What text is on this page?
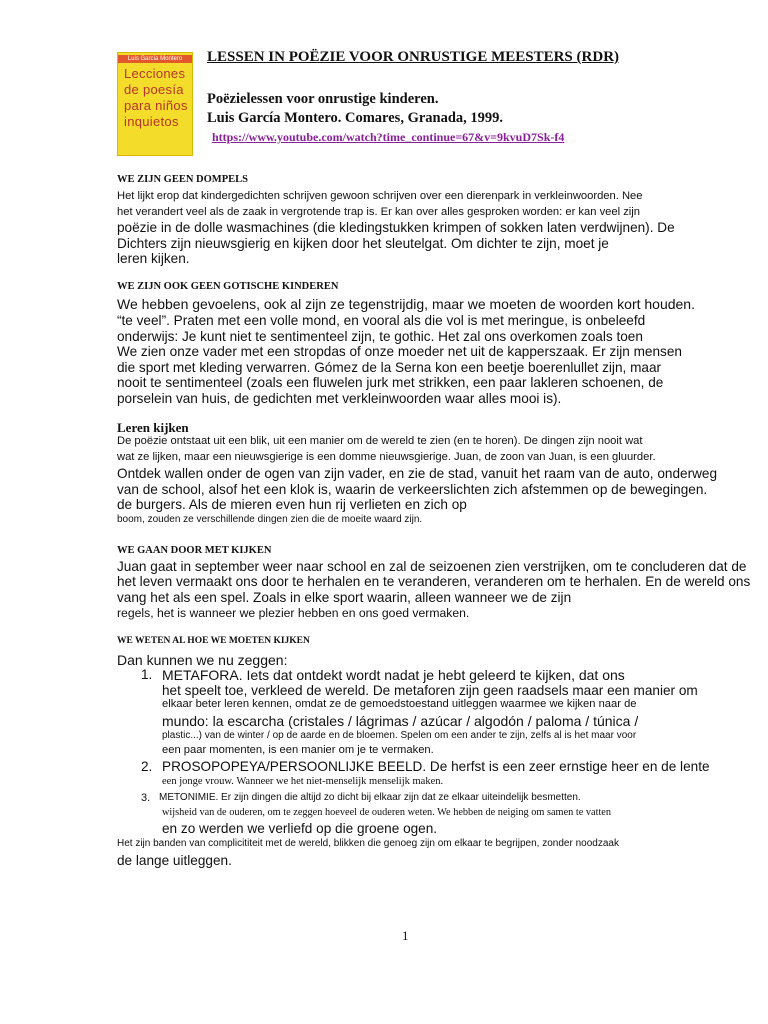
Luis García Montero
Lecciones
de poesía
para niños
inquietos
LESSEN IN POËZIE VOOR ONRUSTIGE MEESTERS (RDR)
Poëzielessen voor onrustige kinderen.
Luis García Montero. Comares, Granada, 1999.
https://www.youtube.com/watch?time_continue=67&v=9kvuD7Sk-f4
WE ZIJN GEEN DOMPELS
Het lijkt erop dat kindergedichten schrijven gewoon schrijven over een dierenpark in verkleinwoorden. Nee
het verandert veel als de zaak in vergrotende trap is. Er kan over alles gesproken worden: er kan veel zijn
poëzie in de dolle wasmachines (die kledingstukken krimpen of sokken laten verdwijnen). De
Dichters zijn nieuwsgierig en kijken door het sleutelgat. Om dichter te zijn, moet je
leren kijken.
WE ZIJN OOK GEEN GOTISCHE KINDEREN
We hebben gevoelens, ook al zijn ze tegenstrijdig, maar we moeten de woorden kort houden.
“te veel”. Praten met een volle mond, en vooral als die vol is met meringue, is onbeleefd
onderwijs: Je kunt niet te sentimenteel zijn, te gothic. Het zal ons overkomen zoals toen
We zien onze vader met een stropdas of onze moeder net uit de kapperszaak. Er zijn mensen
die sport met kleding verwarren. Gómez de la Serna kon een beetje boerenlullet zijn, maar
nooit te sentimenteel (zoals een fluwelen jurk met strikken, een paar lakleren schoenen, de
porselein van huis, de gedichten met verkleinwoorden waar alles mooi is).
Leren kijken
De poëzie ontstaat uit een blik, uit een manier om de wereld te zien (en te horen). De dingen zijn nooit wat
wat ze lijken, maar een nieuwsgierige is een domme nieuwsgierige. Juan, de zoon van Juan, is een gluurder.
Ontdek wallen onder de ogen van zijn vader, en zie de stad, vanuit het raam van de auto, onderweg
van de school, alsof het een klok is, waarin de verkeerslichten zich afstemmen op de bewegingen.
de burgers. Als de mieren even hun rij verlieten en zich op
boom, zouden ze verschillende dingen zien die de moeite waard zijn.
WE GAAN DOOR MET KIJKEN
Juan gaat in september weer naar school en zal de seizoenen zien verstrijken, om te concluderen dat de
het leven vermaakt ons door te herhalen en te veranderen, veranderen om te herhalen. En de wereld ons
vang het als een spel. Zoals in elke sport waarin, alleen wanneer we de zijn
regels, het is wanneer we plezier hebben en ons goed vermaken.
WE WETEN AL HOE WE MOETEN KIJKEN
Dan kunnen we nu zeggen:
1. METAFORA. Iets dat ontdekt wordt nadat je hebt geleerd te kijken, dat ons
het speelt toe, verkleed de wereld. De metaforen zijn geen raadsels maar een manier om
elkaar beter leren kennen, omdat ze de gemoedstoestand uitleggen waarmee we kijken naar de
mundo: la escarcha (cristales / lágrimas / azúcar / algodón / paloma / túnica /
plastic...) van de winter / op de aarde en de bloemen. Spelen om een ander te zijn, zelfs al is het maar voor
een paar momenten, is een manier om je te vermaken.
2. PROSOPOPEYA/PERSOONLIJKE BEELD. De herfst is een zeer ernstige heer en de lente
een jonge vrouw. Wanneer we het niet-menselijk menselijk maken.
3. METONIMIE. Er zijn dingen die altijd zo dicht bij elkaar zijn dat ze elkaar uiteindelijk besmetten.
wijsheid van de ouderen, om te zeggen hoeveel de ouderen weten. We hebben de neiging om samen te vatten
en zo werden we verliefd op die groene ogen.
Het zijn banden van complicititeit met de wereld, blikken die genoeg zijn om elkaar te begrijpen, zonder noodzaak
de lange uitleggen.
1
